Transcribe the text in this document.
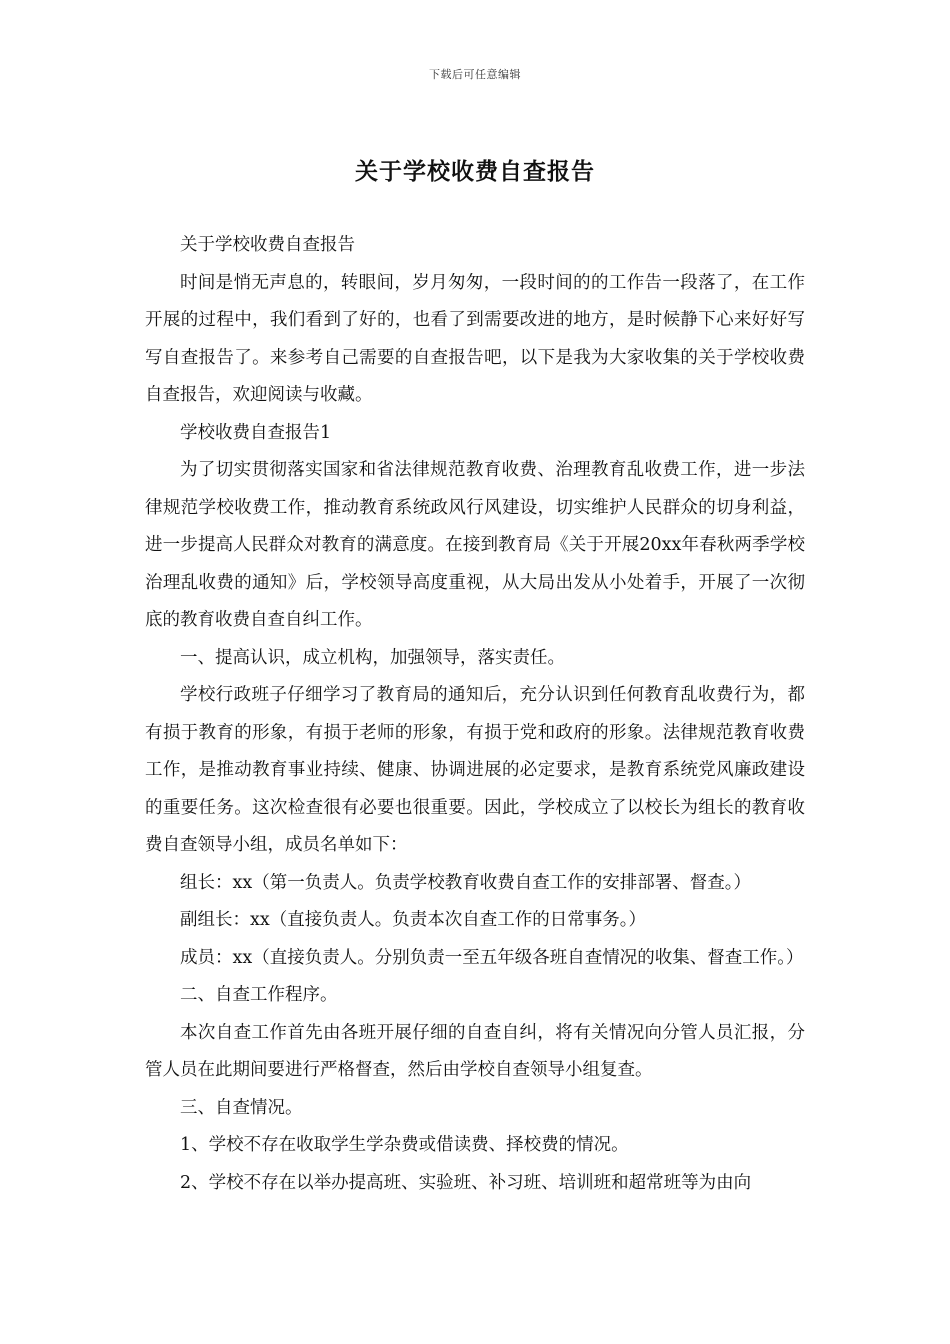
下载后可任意编辑
关于学校收费自查报告

关于学校收费自查报告

时间是悄无声息的，转眼间，岁月匆匆，一段时间的的工作告一段落了，在工作开展的过程中，我们看到了好的，也看了到需要改进的地方，是时候静下心来好好写写自查报告了。来参考自己需要的自查报告吧，以下是我为大家收集的关于学校收费自查报告，欢迎阅读与收藏。

学校收费自查报告1

为了切实贯彻落实国家和省法律规范教育收费、治理教育乱收费工作，进一步法律规范学校收费工作，推动教育系统政风行风建设，切实维护人民群众的切身利益，进一步提高人民群众对教育的满意度。在接到教育局《关于开展20xx年春秋两季学校治理乱收费的通知》后，学校领导高度重视，从大局出发从小处着手，开展了一次彻底的教育收费自查自纠工作。

一、提高认识，成立机构，加强领导，落实责任。

学校行政班子仔细学习了教育局的通知后，充分认识到任何教育乱收费行为，都有损于教育的形象，有损于老师的形象，有损于党和政府的形象。法律规范教育收费工作，是推动教育事业持续、健康、协调进展的必定要求，是教育系统党风廉政建设的重要任务。这次检查很有必要也很重要。因此，学校成立了以校长为组长的教育收费自查领导小组，成员名单如下：

组长：xx（第一负责人。负责学校教育收费自查工作的安排部署、督查。）

副组长：xx（直接负责人。负责本次自查工作的日常事务。）

成员：xx（直接负责人。分别负责一至五年级各班自查情况的收集、督查工作。）

二、自查工作程序。

本次自查工作首先由各班开展仔细的自查自纠，将有关情况向分管人员汇报，分管人员在此期间要进行严格督查，然后由学校自查领导小组复查。

三、自查情况。

1、学校不存在收取学生学杂费或借读费、择校费的情况。

2、学校不存在以举办提高班、实验班、补习班、培训班和超常班等为由向
